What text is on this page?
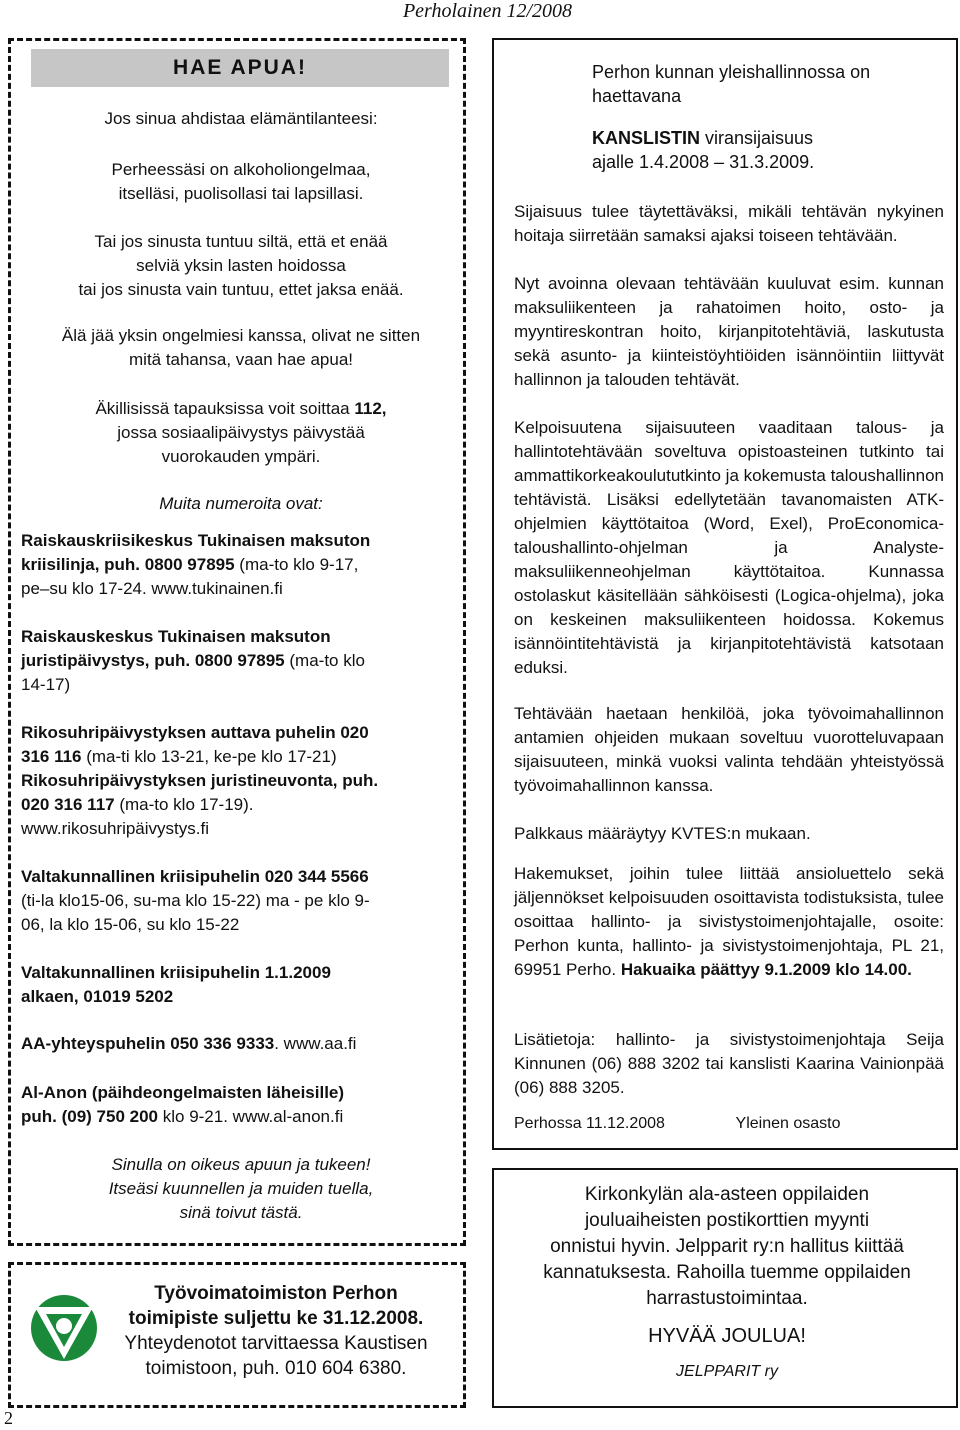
Perholainen 12/2008
HAE APUA!

Jos sinua ahdistaa elämäntilanteesi:

Perheessäsi on alkoholiongelmaa,
itselläsi, puolisollasi tai lapsillasi.

Tai jos sinusta tuntuu siltä, että et enää
selviä yksin lasten hoidossa
tai jos sinusta vain tuntuu, ettet jaksa enää.

Älä jää yksin ongelmiesi kanssa, olivat ne sitten
mitä tahansa, vaan hae apua!

Äkillisissä tapauksissa voit soittaa 112,
jossa sosiaalipäivystys päivystää
vuorokauden ympäri.

Muita numeroita ovat:

Raiskauskriisikeskus Tukinaisen maksuton
kriisilinja, puh. 0800 97895 (ma-to klo 9-17,
pe–su klo 17-24. www.tukinainen.fi

Raiskauskeskus Tukinaisen maksuton
juristipäivystys, puh. 0800 97895 (ma-to klo
14-17)

Rikosuhripäivystyksen auttava puhelin 020
316 116 (ma-ti klo 13-21, ke-pe klo 17-21)
Rikosuhripäivystyksen juristineuvonta, puh.
020 316 117 (ma-to klo 17-19).
www.rikosuhripäivystys.fi

Valtakunnallinen kriisipuhelin 020 344 5566
(ti-la klo15-06, su-ma klo 15-22) ma - pe klo 9-
06, la klo 15-06, su klo 15-22

Valtakunnallinen kriisipuhelin 1.1.2009
alkaen, 01019 5202

AA-yhteyspuhelin 050 336 9333. www.aa.fi

Al-Anon (päihdeongelmaisten läheisille)
puh. (09) 750 200 klo 9-21. www.al-anon.fi

Sinulla on oikeus apuun ja tukeen!
Itseäsi kuunnellen ja muiden tuella,
sinä toivut tästä.

Perhon kunnan yleishallinnossa on
haettavana

KANSLISTIN viransijaisuus
ajalle 1.4.2008 – 31.3.2009.

Sijaisuus tulee täytettäväksi, mikäli tehtävän nykyinen hoitaja siirretään samaksi ajaksi toiseen tehtävään.

Nyt avoinna olevaan tehtävään kuuluvat esim. kunnan maksuliikenteen ja rahatoimen hoito, osto- ja myyntireskontran hoito, kirjanpitotehtäviä, laskutusta sekä asunto- ja kiinteistöyhtiöiden isännöintiin liittyvät hallinnon ja talouden tehtävät.

Kelpoisuutena sijaisuuteen vaaditaan talous- ja hallintotehtävään soveltuva opistoasteinen tutkinto tai ammattikorkeakoulututkinto ja kokemusta taloushallinnon tehtävistä. Lisäksi edellytetään tavanomaisten ATK-ohjelmien käyttötaitoa (Word, Exel), ProEconomica- taloushallinto-ohjelman ja Analyste- maksuliikenneohjelman käyttötaitoa. Kunnassa ostolaskut käsitellään sähköisesti (Logica-ohjelma), joka on keskeinen maksuliikenteen hoidossa. Kokemus isännöintitehtävistä ja kirjanpitotehtävistä katsotaan eduksi.

Tehtävään haetaan henkilöä, joka työvoimahallinnon antamien ohjeiden mukaan soveltuu vuorotteluvapaan sijaisuuteen, minkä vuoksi valinta tehdään yhteistyössä työvoimahallinnon kanssa.

Palkkaus määräytyy KVTES:n mukaan.

Hakemukset, joihin tulee liittää ansioluettelo sekä jäljennökset kelpoisuuden osoittavista todistuksista, tulee osoittaa hallinto- ja sivistystoimenjohtajalle, osoite: Perhon kunta, hallinto- ja sivistystoimenjohtaja, PL 21, 69951 Perho. Hakuaika päättyy 9.1.2009 klo 14.00.

Lisätietoja: hallinto- ja sivistystoimenjohtaja Seija Kinnunen (06) 888 3202 tai kanslisti Kaarina Vainionpää (06) 888 3205.

Perhossa 11.12.2008	Yleinen osasto

Työvoimatoimiston Perhon
toimipiste suljettu ke 31.12.2008.
Yhteydenotot tarvittaessa Kaustisen
toimistoon, puh. 010 604 6380.
Kirkonkylän ala-asteen oppilaiden
jouluaiheisten postikorttien myynti
onnistui hyvin. Jelpparit ry:n hallitus kiittää
kannatuksesta. Rahoilla tuemme oppilaiden
harrastustoimintaa.
HYVÄÄ JOULUA!
JELPPARIT ry
2
